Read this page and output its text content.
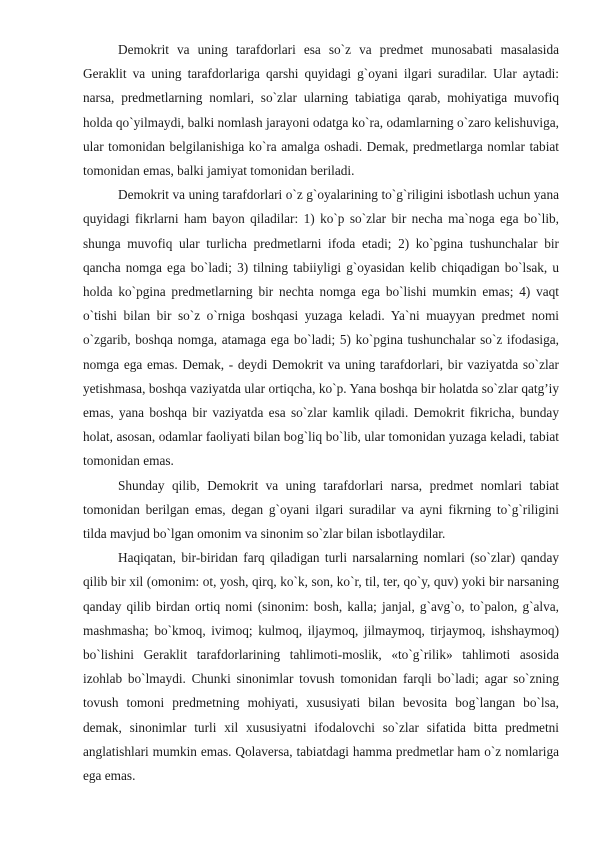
Demokrit va uning tarafdorlari esa so`z va predmet munosabati masalasida Geraklit va uning tarafdorlariga qarshi quyidagi g`oyani ilgari suradilar. Ular aytadi: narsa, predmetlarning nomlari, so`zlar ularning tabiatiga qarab, mohiyatiga muvofiq holda qo`yilmaydi, balki nomlash jarayoni odatga ko`ra, odamlarning o`zaro kelishuviga, ular tomonidan belgilanishiga ko`ra amalga oshadi. Demak, predmetlarga nomlar tabiat tomonidan emas, balki jamiyat tomonidan beriladi.

Demokrit va uning tarafdorlari o`z g`oyalarining to`g`riligini isbotlash uchun yana quyidagi fikrlarni ham bayon qiladilar: 1) ko`p so`zlar bir necha ma`noga ega bo`lib, shunga muvofiq ular turlicha predmetlarni ifoda etadi; 2) ko`pgina tushunchalar bir qancha nomga ega bo`ladi; 3) tilning tabiiyligi g`oyasidan kelib chiqadigan bo`lsak, u holda ko`pgina predmetlarning bir nechta nomga ega bo`lishi mumkin emas; 4) vaqt o`tishi bilan bir so`z o`rniga boshqasi yuzaga keladi. Ya`ni muayyan predmet nomi o`zgarib, boshqa nomga, atamaga ega bo`ladi; 5) ko`pgina tushunchalar so`z ifodasiga, nomga ega emas. Demak, - deydi Demokrit va uning tarafdorlari, bir vaziyatda so`zlar yetishmasa, boshqa vaziyatda ular ortiqcha, ko`p. Yana boshqa bir holatda so`zlar qatg’iy emas, yana boshqa bir vaziyatda esa so`zlar kamlik qiladi. Demokrit fikricha, bunday holat, asosan, odamlar faoliyati bilan bog`liq bo`lib, ular tomonidan yuzaga keladi, tabiat tomonidan emas.

Shunday qilib, Demokrit va uning tarafdorlari narsa, predmet nomlari tabiat tomonidan berilgan emas, degan g`oyani ilgari suradilar va ayni fikrning to`g`riligini tilda mavjud bo`lgan omonim va sinonim so`zlar bilan isbotlaydilar.

Haqiqatan, bir-biridan farq qiladigan turli narsalarning nomlari (so`zlar) qanday qilib bir xil (omonim: ot, yosh, qirq, ko`k, son, ko`r, til, ter, qo`y, quv) yoki bir narsaning qanday qilib birdan ortiq nomi (sinonim: bosh, kalla; janjal, g`avg`o, to`palon, g`alva, mashmasha; bo`kmoq, ivimoq; kulmoq, iljaymoq, jilmaymoq, tirjaymoq, ishshaymoq) bo`lishini Geraklit tarafdorlarining tahlimoti-moslik, «to`g`rilik» tahlimoti asosida izohlab bo`lmaydi. Chunki sinonimlar tovush tomonidan farqli bo`ladi; agar so`zning tovush tomoni predmetning mohiyati, xususiyati bilan bevosita bog`langan bo`lsa, demak, sinonimlar turli xil xususiyatni ifodalovchi so`zlar sifatida bitta predmetni anglatishlari mumkin emas. Qolaversa, tabiatdagi hamma predmetlar ham o`z nomlariga ega emas.
